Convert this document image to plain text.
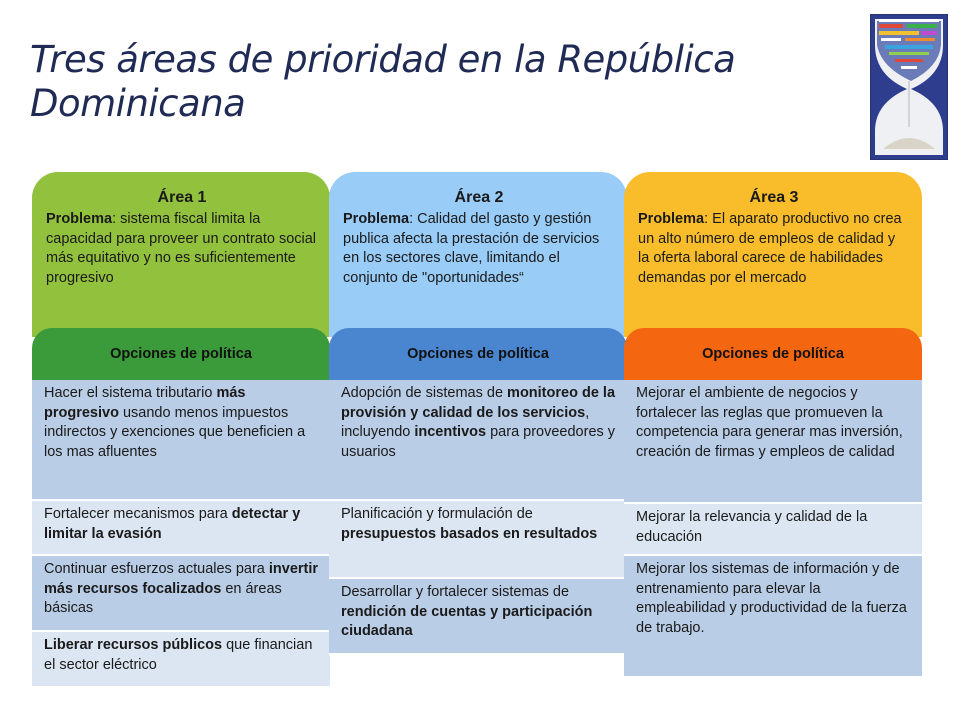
Tres áreas de prioridad en la República Dominicana
Área 1
Problema: sistema fiscal limita la capacidad para proveer un contrato social más equitativo y no es suficientemente progresivo
Opciones de política
Hacer el sistema tributario más progresivo usando menos impuestos indirectos y exenciones que beneficien a los mas afluentes
Fortalecer mecanismos para detectar y limitar la evasión
Continuar esfuerzos actuales para invertir más recursos focalizados en áreas básicas
Liberar recursos públicos que financian el sector eléctrico
Área 2
Problema: Calidad del gasto y gestión publica afecta la prestación de servicios en los sectores clave, limitando el conjunto de "oportunidades“
Opciones de política
Adopción de sistemas de monitoreo de la provisión y calidad de los servicios, incluyendo incentivos para proveedores y usuarios
Planificación y formulación de presupuestos basados en resultados
Desarrollar y fortalecer sistemas de rendición de cuentas y participación ciudadana
Área 3
Problema: El aparato productivo no crea un alto número de empleos de calidad y la oferta laboral carece de habilidades demandas por el mercado
Opciones de política
Mejorar el ambiente de negocios y fortalecer las reglas que promueven la competencia para generar mas inversión, creación de firmas y empleos de calidad
Mejorar la relevancia y calidad de la educación
Mejorar los sistemas de información y de entrenamiento para elevar la empleabilidad y productividad de la fuerza de trabajo.
